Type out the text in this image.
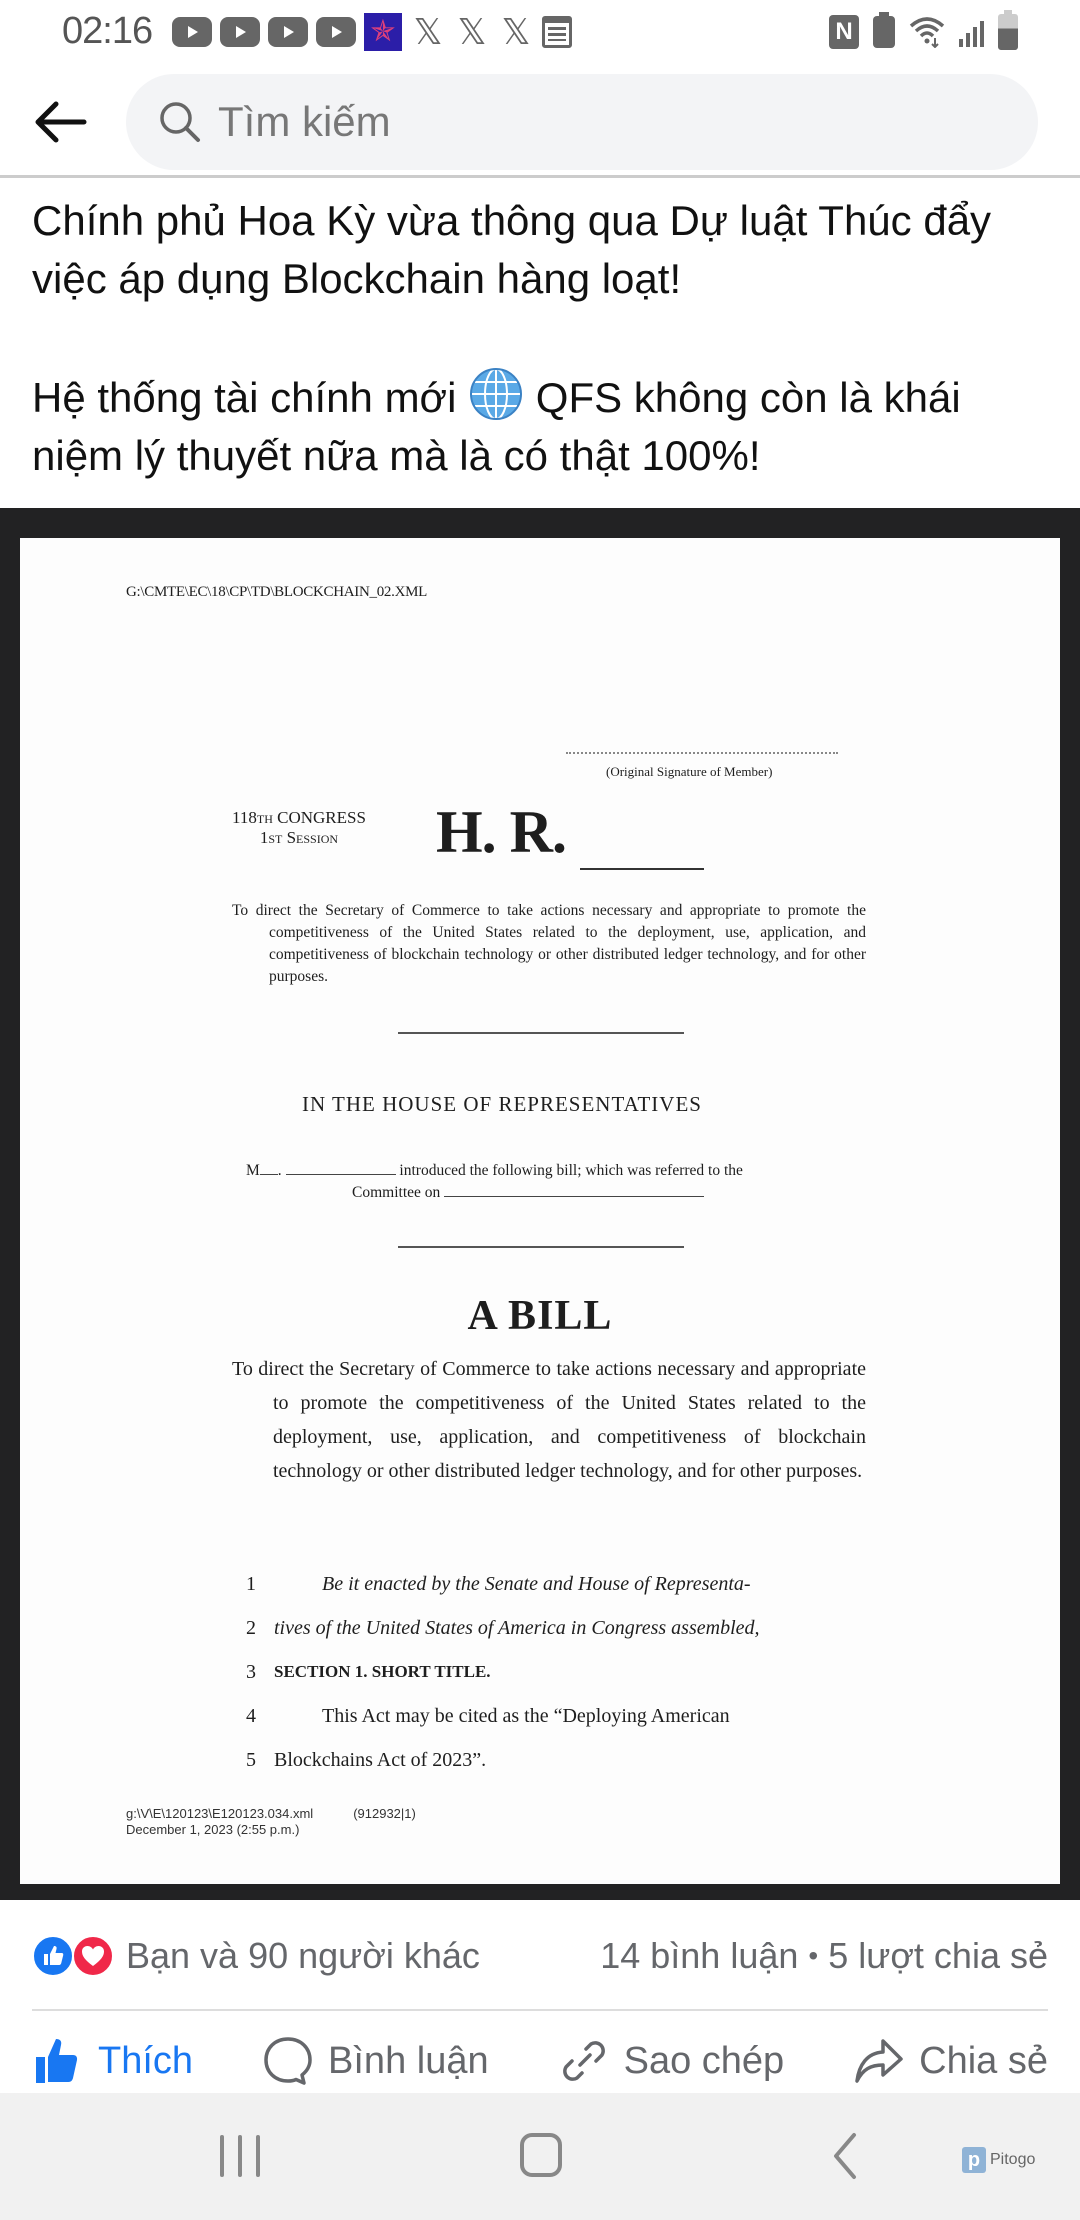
02:16	✯ 𝕏 𝕏 𝕏	N
Tìm kiếm

Chính phủ Hoa Kỳ vừa thông qua Dự luật Thúc đẩy việc áp dụng Blockchain hàng loạt!

Hệ thống tài chính mới QFS không còn là khái niệm lý thuyết nữa mà là có thật 100%!

G:\CMTE\EC\18\CP\TD\BLOCKCHAIN_02.XML
(Original Signature of Member)
118th CONGRESS
1st Session	H. R.
To direct the Secretary of Commerce to take actions necessary and appropriate to promote the competitiveness of the United States related to the deployment, use, application, and competitiveness of blockchain technology or other distributed ledger technology, and for other purposes.
IN THE HOUSE OF REPRESENTATIVES
M .	introduced the following bill; which was referred to the
Committee on
A BILL
To direct the Secretary of Commerce to take actions necessary and appropriate to promote the competitiveness of the United States related to the deployment, use, application, and competitiveness of blockchain technology or other distributed ledger technology, and for other purposes.
1	Be it enacted by the Senate and House of Representa-
2 tives of the United States of America in Congress assembled,
3	SECTION 1. SHORT TITLE.
4	This Act may be cited as the “Deploying American
5 Blockchains Act of 2023”.
g:\V\E\120123\E120123.034.xml	(912932|1)
December 1, 2023 (2:55 p.m.)
Bạn và 90 người khác	14 bình luận • 5 lượt chia sẻ
Thích	Bình luận	Sao chép	Chia sẻ
p Pitogo
